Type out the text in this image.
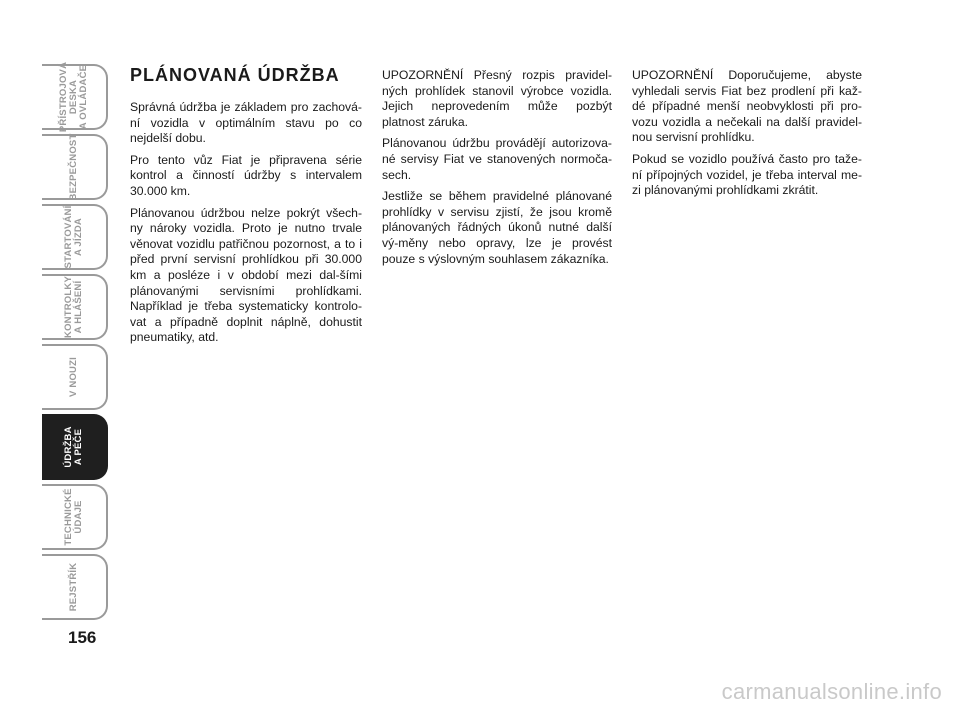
PŘÍSTROJOVÁ
DESKA
A OVLÁDAČE
BEZPEČNOST
STARTOVÁNÍ
A JÍZDA
KONTROLKY
A HLÁŠENÍ
V NOUZI
ÚDRŽBA
A PÉČE
TECHNICKÉ
ÚDAJE
REJSTŘÍK
156
PLÁNOVANÁ ÚDRŽBA

Správná údržba je základem pro zachová-ní vozidla v optimálním stavu po co nejdelší dobu.

Pro tento vůz Fiat je připravena série kontrol a činností údržby s intervalem 30.000 km.

Plánovanou údržbou nelze pokrýt všech-ny nároky vozidla. Proto je nutno trvale věnovat vozidlu patřičnou pozornost, a to i před první servisní prohlídkou při 30.000 km a posléze i v období mezi dal-šími plánovanými servisními prohlídkami. Například je třeba systematicky kontrolo-vat a případně doplnit náplně, dohustit pneumatiky, atd.

UPOZORNĚNÍ Přesný rozpis pravidel-ných prohlídek stanovil výrobce vozidla. Jejich neprovedením může pozbýt platnost záruka.

Plánovanou údržbu provádějí autorizova-né servisy Fiat ve stanovených normoča-sech.

Jestliže se během pravidelné plánované prohlídky v servisu zjistí, že jsou kromě plánovaných řádných úkonů nutné další vý-měny nebo opravy, lze je provést pouze s výslovným souhlasem zákazníka.

UPOZORNĚNÍ Doporučujeme, abyste vyhledali servis Fiat bez prodlení při kaž-dé případné menší neobvyklosti při pro-vozu vozidla a nečekali na další pravidel-nou servisní prohlídku.

Pokud se vozidlo používá často pro taže-ní přípojných vozidel, je třeba interval me-zi plánovanými prohlídkami zkrátit.

carmanualsonline.info
